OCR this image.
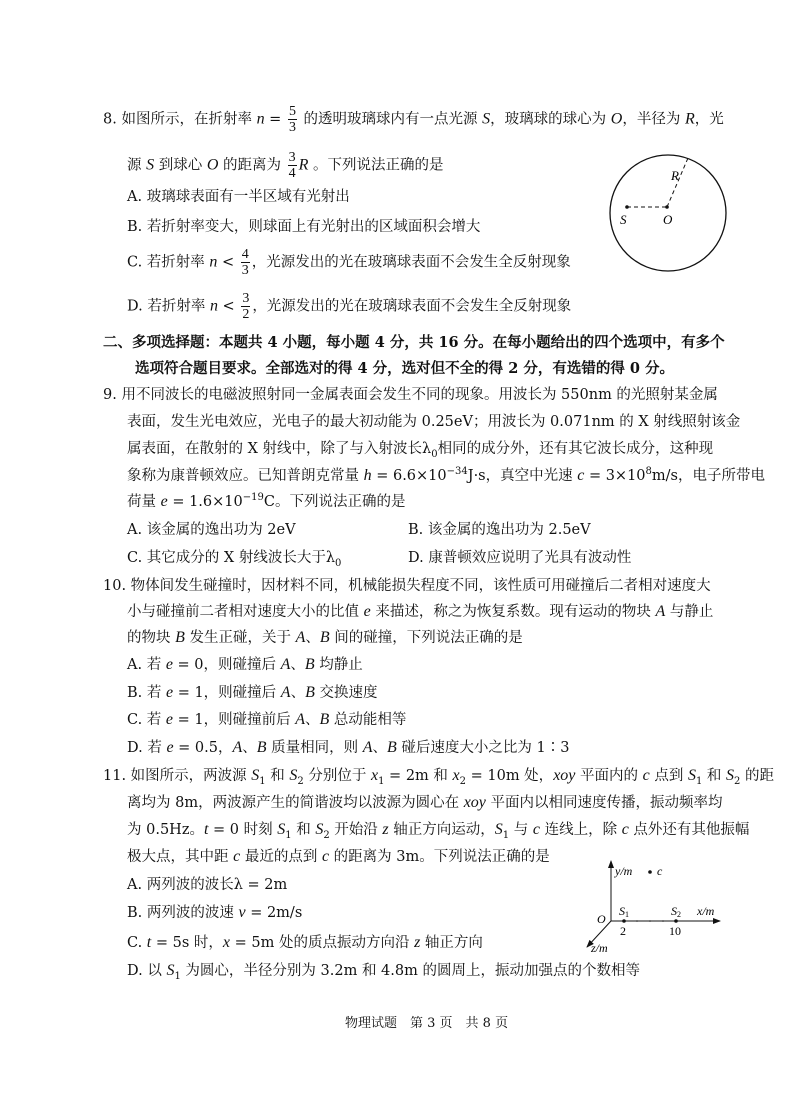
8. 如图所示，在折射率 $n = \frac{5}{3}$ 的透明玻璃球内有一点光源 S，玻璃球的球心为 O，半径为 R，光
源 S 到球心 O 的距离为 $\frac{3}{4}$ R 。下列说法正确的是
A. 玻璃球表面有一半区域有光射出
B. 若折射率变大，则球面上有光射出的区域面积会增大
C. 若折射率 $n < \frac{4}{3}$ ，光源发出的光在玻璃球表面不会发生全反射现象
D. 若折射率 $n < \frac{3}{2}$ ，光源发出的光在玻璃球表面不会发生全反射现象
二、多项选择题：本题共 4 小题，每小题 4 分，共 16 分。在每小题给出的四个选项中，有多个
选项符合题目要求。全部选对的得 4 分，选对但不全的得 2 分，有选错的得 0 分。
9. 用不同波长的电磁波照射同一金属表面会发生不同的现象。用波长为 550nm 的光照射某金属
表面，发生光电效应，光电子的最大初动能为 0.25eV；用波长为 0.071nm 的 X 射线照射该金
属表面，在散射的 X 射线中，除了与入射波长$\lambda_0$相同的成分外，还有其它波长成分，这种现
象称为康普顿效应。已知普朗克常量 $h = 6.6\times 10^{-34}J\cdot s$，真空中光速 $c = 3\times 10^8m/s$，电子所带电
荷量 $e = 1.6\times 10^{-19}C$。下列说法正确的是
A. 该金属的逸出功为 2eV	B. 该金属的逸出功为 2.5eV
C. 其它成分的 X 射线波长大于$\lambda_0$	D. 康普顿效应说明了光具有波动性
10. 物体间发生碰撞时，因材料不同，机械能损失程度不同，该性质可用碰撞后二者相对速度大
小与碰撞前二者相对速度大小的比值 e 来描述，称之为恢复系数。现有运动的物块 A 与静止
的物块 B 发生正碰，关于 A、B 间的碰撞，下列说法正确的是
A. 若 e = 0，则碰撞后 A、B 均静止
B. 若 e = 1，则碰撞后 A、B 交换速度
C. 若 e = 1，则碰撞前后 A、B 总动能相等
D. 若 e = 0.5，A、B 质量相同，则 A、B 碰后速度大小之比为 1∶3
11. 如图所示，两波源 $S_1$ 和 $S_2$ 分别位于 $x_1 = 2m$ 和 $x_2 = 10m$ 处，xoy 平面内的 c 点到 $S_1$ 和 $S_2$ 的距
离均为 8m，两波源产生的简谐波均以波源为圆心在 xoy 平面内以相同速度传播，振动频率均
为 0.5Hz。t = 0 时刻 $S_1$ 和 $S_2$ 开始沿 z 轴正方向运动，$S_1$ 与 c 连线上，除 c 点外还有其他振幅
极大点，其中距 c 最近的点到 c 的距离为 3m。下列说法正确的是
A. 两列波的波长λ = 2m
B. 两列波的波速 v = 2m/s
C. t = 5s 时，x = 5m 处的质点振动方向沿 z 轴正方向
D. 以 $S_1$ 为圆心，半径分别为 3.2m 和 4.8m 的圆周上，振动加强点的个数相等
R
S	O
y/m c
x/m
z/m
O
S1	S2
2	10
物理试题　第 3 页　共 8 页
